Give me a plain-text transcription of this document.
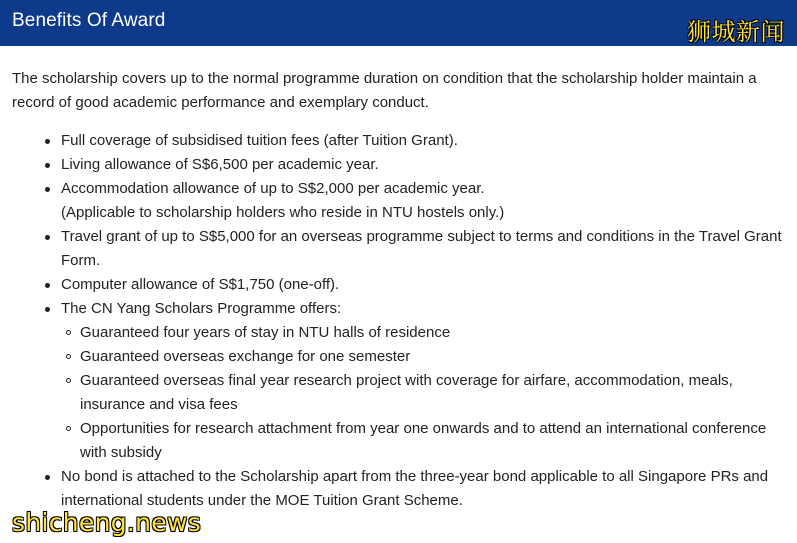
Benefits Of Award	狮城新闻

The scholarship covers up to the normal programme duration on condition that the scholarship holder maintain a record of good academic performance and exemplary conduct.

Full coverage of subsidised tuition fees (after Tuition Grant).
Living allowance of S$6,500 per academic year.
Accommodation allowance of up to S$2,000 per academic year.
(Applicable to scholarship holders who reside in NTU hostels only.)
Travel grant of up to S$5,000 for an overseas programme subject to terms and conditions in the Travel Grant Form.
Computer allowance of S$1,750 (one-off).
The CN Yang Scholars Programme offers:
Guaranteed four years of stay in NTU halls of residence
Guaranteed overseas exchange for one semester
Guaranteed overseas final year research project with coverage for airfare, accommodation, meals, insurance and visa fees
Opportunities for research attachment from year one onwards and to attend an international conference with subsidy
No bond is attached to the Scholarship apart from the three-year bond applicable to all Singapore PRs and international students under the MOE Tuition Grant Scheme.
shicheng.news
